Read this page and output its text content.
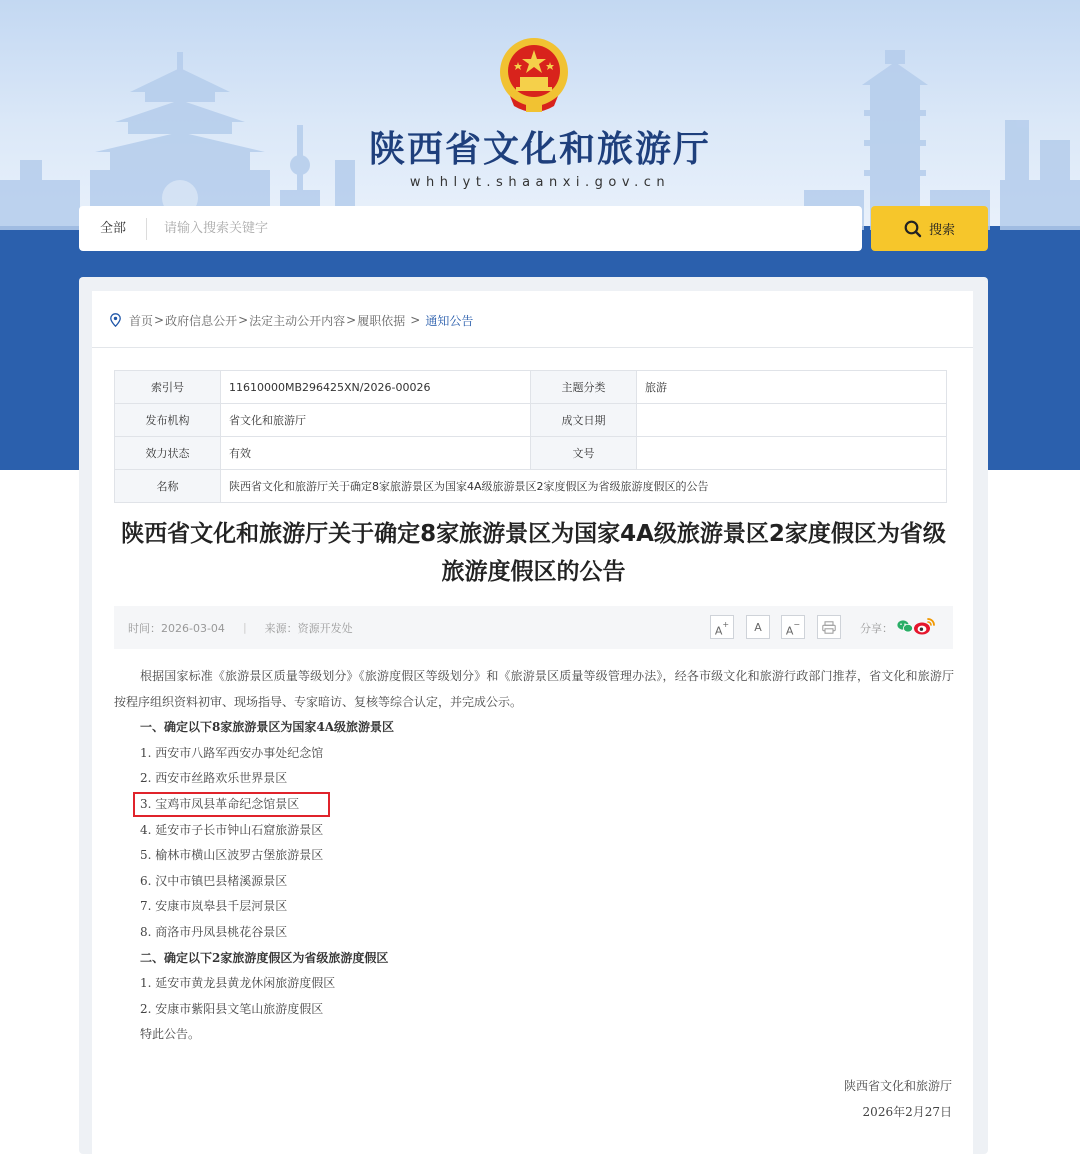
陕西省文化和旅游厅
whhlyt.shaanxi.gov.cn
全部
请输入搜索关键字	搜索
首页 > 政府信息公开 > 法定主动公开内容 > 履职依据 > 通知公告
索引号	11610000MB296425XN/2026-00026	主题分类	旅游
发布机构	省文化和旅游厅	成文日期	
效力状态	有效	文号	
名称	陕西省文化和旅游厅关于确定8家旅游景区为国家4A级旅游景区2家度假区为省级旅游度假区的公告		
陕西省文化和旅游厅关于确定8家旅游景区为国家4A级旅游景区2家度假区为省级旅游度假区的公告
时间：2026-03-04 | 来源：资源开发处	A+	A	A−	分享：

根据国家标准《旅游景区质量等级划分》《旅游度假区等级划分》和《旅游景区质量等级管理办法》，经各市级文化和旅游行政部门推荐，省文化和旅游厅按程序组织资料初审、现场指导、专家暗访、复核等综合认定，并完成公示。

一、确定以下8家旅游景区为国家4A级旅游景区

1. 西安市八路军西安办事处纪念馆

2. 西安市丝路欢乐世界景区

3. 宝鸡市凤县革命纪念馆景区

4. 延安市子长市钟山石窟旅游景区

5. 榆林市横山区波罗古堡旅游景区

6. 汉中市镇巴县楮溪源景区

7. 安康市岚皋县千层河景区

8. 商洛市丹凤县桃花谷景区

二、确定以下2家旅游度假区为省级旅游度假区

1. 延安市黄龙县黄龙休闲旅游度假区

2. 安康市紫阳县文笔山旅游度假区

特此公告。

陕西省文化和旅游厅
2026年2月27日
